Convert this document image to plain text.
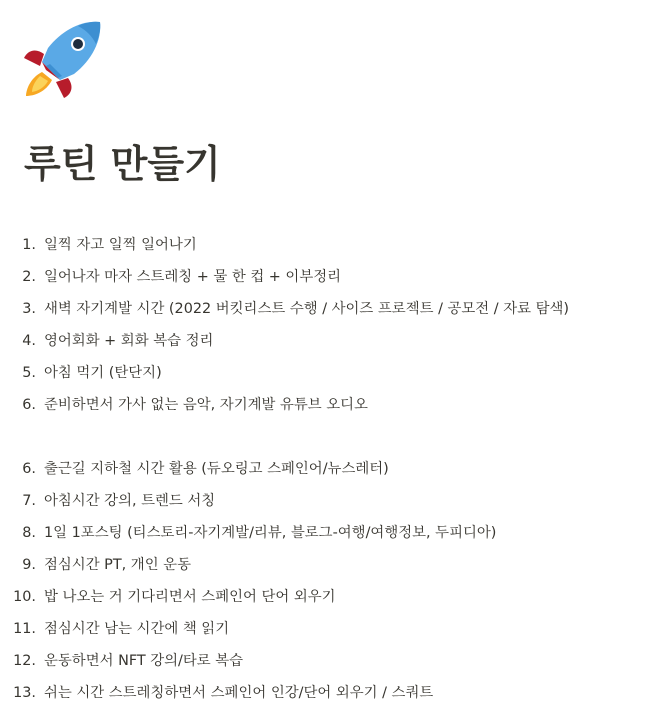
루틴 만들기
1. 일찍 자고 일찍 일어나기
2. 일어나자 마자 스트레칭 + 물 한 컵 + 이부정리
3. 새벽 자기계발 시간 (2022 버킷리스트 수행 / 사이즈 프로젝트 / 공모전 / 자료 탐색)
4. 영어회화 + 회화 복습 정리
5. 아침 먹기 (탄단지)
6. 준비하면서 가사 없는 음악, 자기계발 유튜브 오디오
6. 출근길 지하철 시간 활용 (듀오링고 스페인어/뉴스레터)
7. 아침시간 강의, 트렌드 서칭
8. 1일 1포스팅 (티스토리-자기계발/리뷰, 블로그-여행/여행정보, 두피디아)
9. 점심시간 PT, 개인 운동
10. 밥 나오는 거 기다리면서 스페인어 단어 외우기
11. 점심시간 남는 시간에 책 읽기
12. 운동하면서 NFT 강의/타로 복습
13. 쉬는 시간 스트레칭하면서 스페인어 인강/단어 외우기 / 스쿼트
